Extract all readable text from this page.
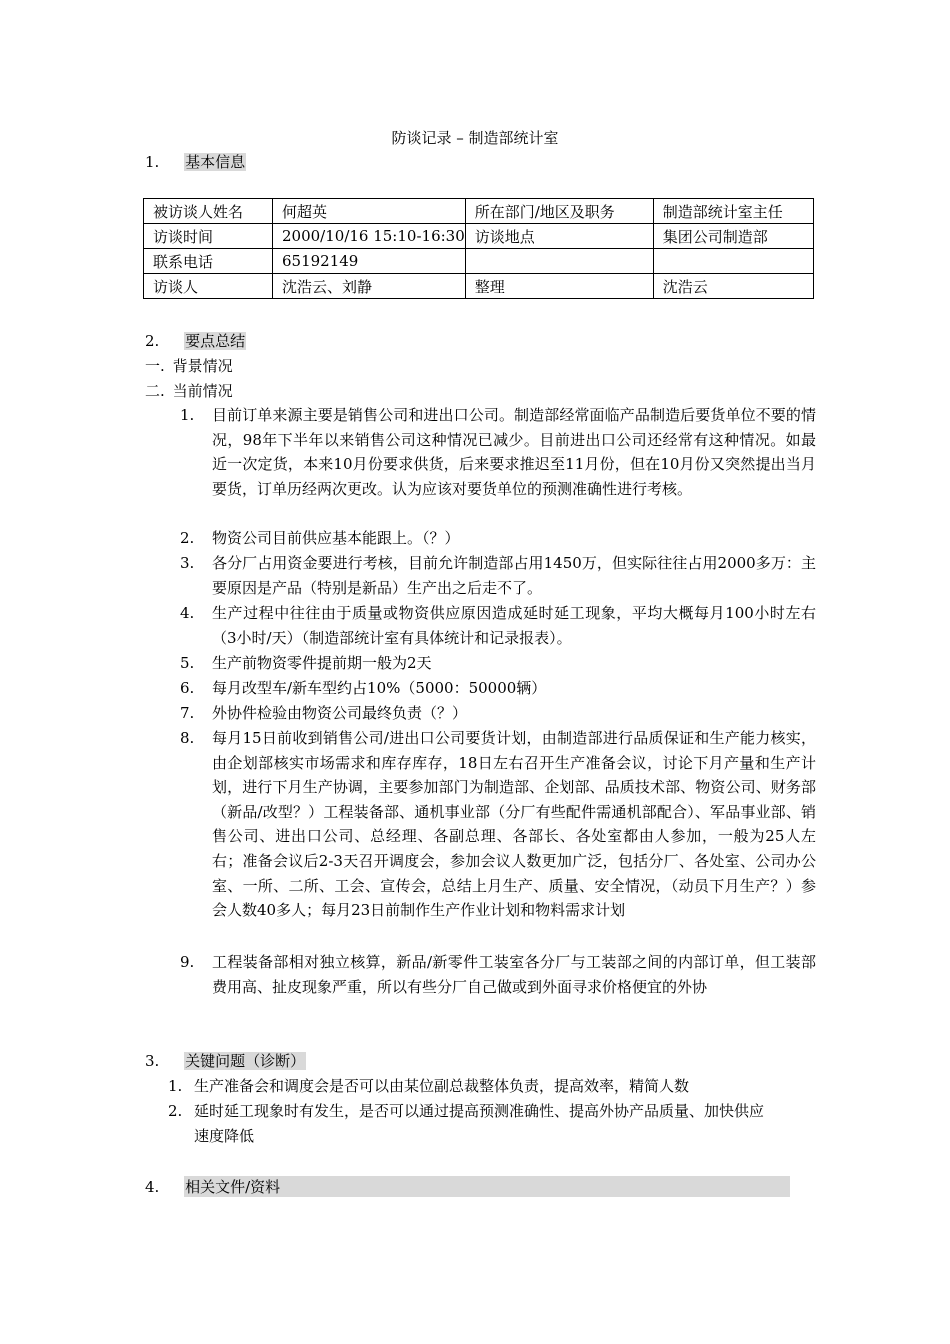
防谈记录 – 制造部统计室
1. 基本信息
被访谈人姓名	何超英	所在部门/地区及职务	制造部统计室主任
访谈时间	2000/10/16 15:10-16:30	访谈地点	集团公司制造部
联系电话	65192149		
访谈人	沈浩云、刘静	整理	沈浩云
2. 要点总结
一. 背景情况
二. 当前情况
1. 目前订单来源主要是销售公司和进出口公司。制造部经常面临产品制造后要货单位不要的情况，98年下半年以来销售公司这种情况已减少。目前进出口公司还经常有这种情况。如最近一次定货，本来10月份要求供货，后来要求推迟至11月份，但在10月份又突然提出当月要货，订单历经两次更改。认为应该对要货单位的预测准确性进行考核。
2. 物资公司目前供应基本能跟上。（？）
3. 各分厂占用资金要进行考核，目前允许制造部占用1450万，但实际往往占用2000多万：主要原因是产品（特别是新品）生产出之后走不了。
4. 生产过程中往往由于质量或物资供应原因造成延时延工现象，平均大概每月100小时左右（3小时/天）（制造部统计室有具体统计和记录报表）。
5. 生产前物资零件提前期一般为2天
6. 每月改型车/新车型约占10%（5000：50000辆）
7. 外协件检验由物资公司最终负责（？）
8. 每月15日前收到销售公司/进出口公司要货计划，由制造部进行品质保证和生产能力核实，由企划部核实市场需求和库存库存，18日左右召开生产准备会议，讨论下月产量和生产计划，进行下月生产协调，主要参加部门为制造部、企划部、品质技术部、物资公司、财务部（新品/改型？）工程装备部、通机事业部（分厂有些配件需通机部配合）、军品事业部、销售公司、进出口公司、总经理、各副总理、各部长、各处室都由人参加，一般为25人左右；准备会议后2-3天召开调度会，参加会议人数更加广泛，包括分厂、各处室、公司办公室、一所、二所、工会、宣传会，总结上月生产、质量、安全情况，（动员下月生产？）参会人数40多人；每月23日前制作生产作业计划和物料需求计划
9. 工程装备部相对独立核算，新品/新零件工装室各分厂与工装部之间的内部订单，但工装部费用高、扯皮现象严重，所以有些分厂自己做或到外面寻求价格便宜的外协
3. 关键问题（诊断）
1. 生产准备会和调度会是否可以由某位副总裁整体负责，提高效率，精简人数
2. 延时延工现象时有发生，是否可以通过提高预测准确性、提高外协产品质量、加快供应速度降低
4. 相关文件/资料
